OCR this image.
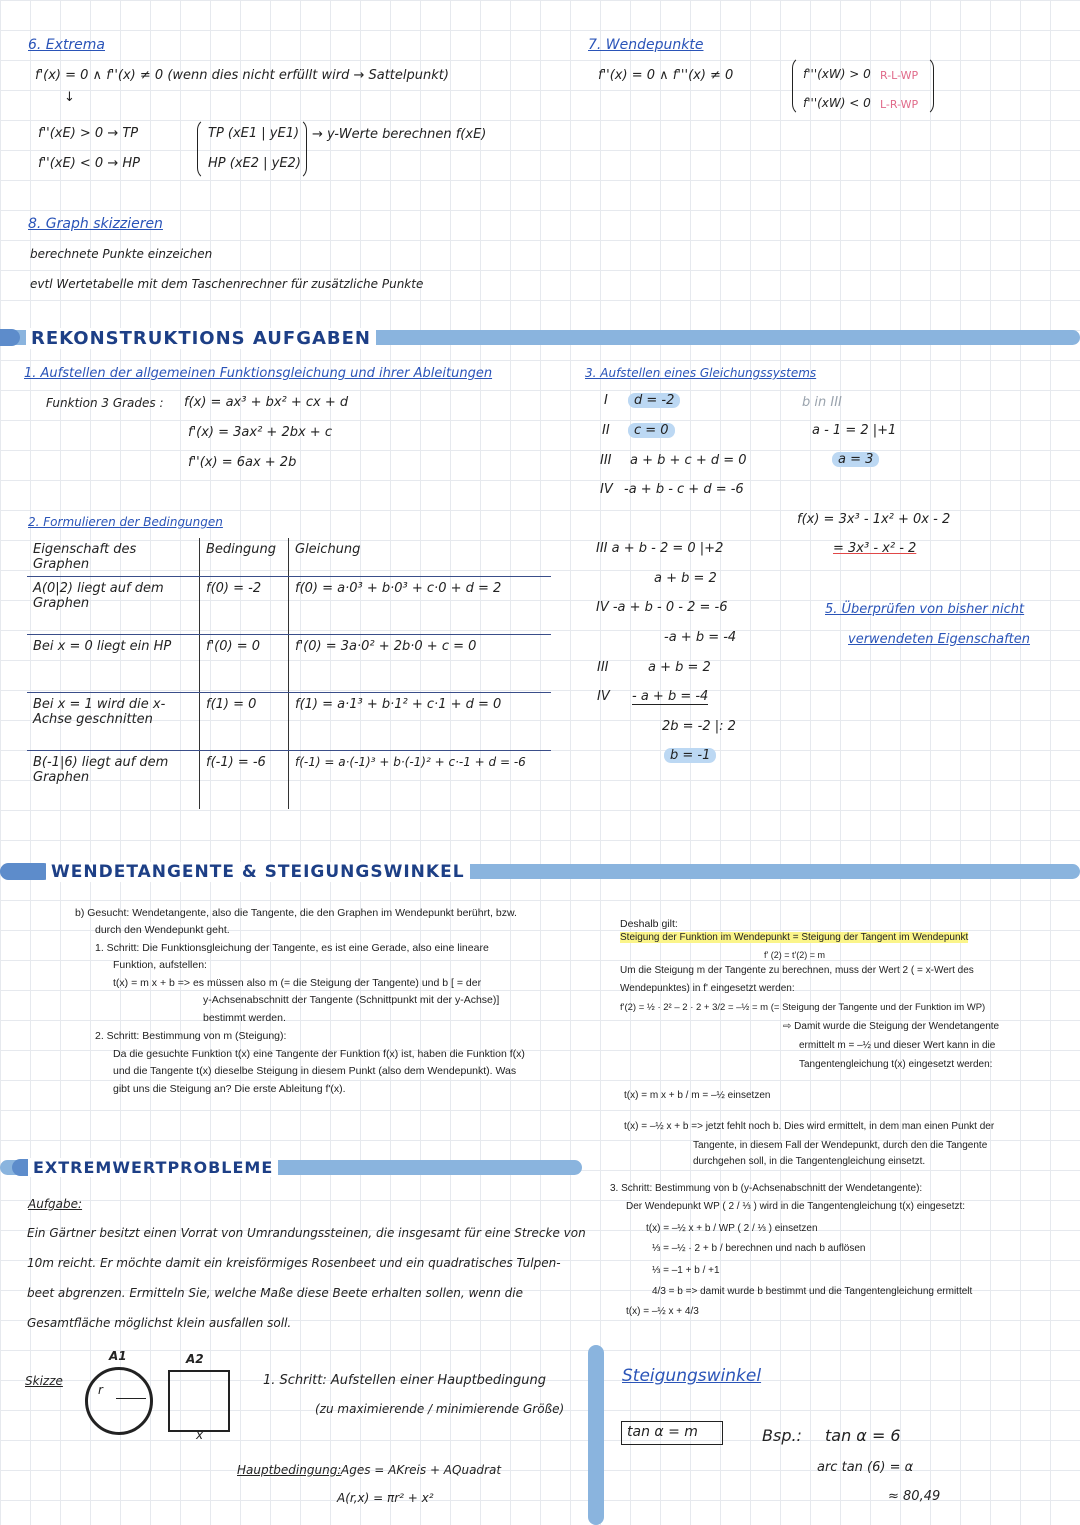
6. Extrema
f'(x) = 0 ∧ f''(x) ≠ 0 (wenn dies nicht erfüllt wird → Sattelpunkt)
↓
f''(xE) > 0 → TP
f''(xE) < 0 → HP
TP (xE1 | yE1)
HP (xE2 | yE2)
→ y-Werte berechnen f(xE)
7. Wendepunkte
f''(x) = 0 ∧ f'''(x) ≠ 0	f'''(xW) > 0 R-L-WP
f'''(xW) < 0 L-R-WP
8. Graph skizzieren
berechnete Punkte einzeichen
evtl Wertetabelle mit dem Taschenrechner für zusätzliche Punkte
REKONSTRUKTIONS AUFGABEN
1. Aufstellen der allgemeinen Funktionsgleichung und ihrer Ableitungen
Funktion 3 Grades : f(x) = ax³ + bx² + cx + d
f'(x) = 3ax² + 2bx + c
f''(x) = 6ax + 2b
2. Formulieren der Bedingungen
Eigenschaft des Graphen	Bedingung	Gleichung
A(0|2) liegt auf dem Graphen	f(0) = -2	f(0) = a·0³ + b·0³ + c·0 + d = 2
Bei x = 0 liegt ein HP	f'(0) = 0	f'(0) = 3a·0² + 2b·0 + c = 0
Bei x = 1 wird die x-Achse geschnitten	f(1) = 0	f(1) = a·1³ + b·1² + c·1 + d = 0
B(-1|6) liegt auf dem Graphen	f(-1) = -6	f(-1) = a·(-1)³ + b·(-1)² + c·-1 + d = -6
3. Aufstellen eines Gleichungssystems
I	d = -2
II	c = 0
III a + b + c + d = 0
IV -a + b - c + d = -6
b in III
a - 1 = 2 |+1
a = 3
f(x) = 3x³ - 1x² + 0x - 2
= 3x³ - x² - 2
III a + b - 2 = 0 |+2
a + b = 2
IV -a + b - 0 - 2 = -6
-a + b = -4
III	a + b = 2
IV - a + b = -4
2b = -2 |: 2
b = -1
5. Überprüfen von bisher nicht
verwendeten Eigenschaften
WENDETANGENTE & STEIGUNGSWINKEL
b) Gesucht: Wendetangente, also die Tangente, die den Graphen im Wendepunkt berührt, bzw.
durch den Wendepunkt geht.
1. Schritt: Die Funktionsgleichung der Tangente, es ist eine Gerade, also eine lineare
Funktion, aufstellen:
t(x) = m x + b => es müssen also m (= die Steigung der Tangente) und b [ = der
y-Achsenabschnitt der Tangente (Schnittpunkt mit der y-Achse)]
bestimmt werden.
2. Schritt: Bestimmung von m (Steigung):
Da die gesuchte Funktion t(x) eine Tangente der Funktion f(x) ist, haben die Funktion f(x)
und die Tangente t(x) dieselbe Steigung in diesem Punkt (also dem Wendepunkt). Was
gibt uns die Steigung an? Die erste Ableitung f'(x).
Deshalb gilt:
Steigung der Funktion im Wendepunkt = Steigung der Tangent im Wendepunkt
f' (2) = t'(2) = m
Um die Steigung m der Tangente zu berechnen, muss der Wert 2 ( = x-Wert des
Wendepunktes) in f' eingesetzt werden:
f'(2) = ½ · 2² – 2 · 2 + 3/2 = –½ = m (= Steigung der Tangente und der Funktion im WP)
⇨ Damit wurde die Steigung der Wendetangente
ermittelt m = –½ und dieser Wert kann in die
Tangentengleichung t(x) eingesetzt werden:
t(x) = m x + b / m = –½ einsetzen
t(x) = –½ x + b => jetzt fehlt noch b. Dies wird ermittelt, in dem man einen Punkt der
Tangente, in diesem Fall der Wendepunkt, durch den die Tangente
durchgehen soll, in die Tangentengleichung einsetzt.
3. Schritt: Bestimmung von b (y-Achsenabschnitt der Wendetangente):
Der Wendepunkt WP ( 2 / ⅓ ) wird in die Tangentengleichung t(x) eingesetzt:
t(x) = –½ x + b / WP ( 2 / ⅓ ) einsetzen
⅓ = –½ · 2 + b / berechnen und nach b auflösen
⅓ = –1 + b / +1
4/3 = b => damit wurde b bestimmt und die Tangentengleichung ermittelt
t(x) = –½ x + 4/3
Steigungswinkel
tan α = m	Bsp.: tan α = 6
arc tan (6) = α
≈ 80,49
EXTREMWERTPROBLEME
Aufgabe:
Ein Gärtner besitzt einen Vorrat von Umrandungssteinen, die insgesamt für eine Strecke von
10m reicht. Er möchte damit ein kreisförmiges Rosenbeet und ein quadratisches Tulpen-
beet abgrenzen. Ermitteln Sie, welche Maße diese Beete erhalten sollen, wenn die
Gesamtfläche möglichst klein ausfallen soll.
Skizze
A1	A2
r
x
1. Schritt: Aufstellen einer Hauptbedingung
(zu maximierende / minimierende Größe)
Hauptbedingung: Ages = AKreis + AQuadrat
A(r,x) = πr² + x²
